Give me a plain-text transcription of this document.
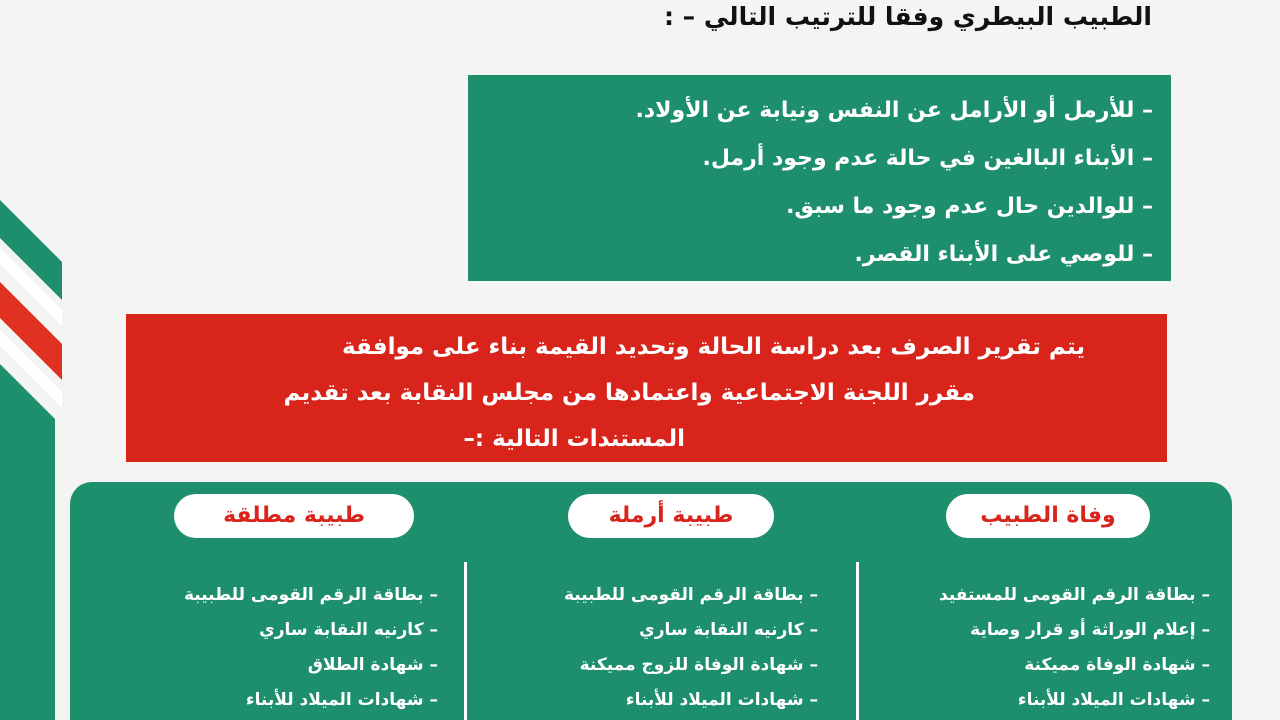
الطبيب البيطري وفقا للترتيب التالي – :
– للأرمل أو الأرامل عن النفس ونيابة عن الأولاد.
– الأبناء البالغين في حالة عدم وجود أرمل.
– للوالدين حال عدم وجود ما سبق.
– للوصي على الأبناء القصر.
يتم تقرير الصرف بعد دراسة الحالة وتحديد القيمة بناء على موافقة
مقرر اللجنة الاجتماعية واعتمادها من مجلس النقابة بعد تقديم
المستندات التالية :–
وفاة الطبيب
– بطاقة الرقم القومى للمستفيد
– إعلام الوراثة أو قرار وصاية
– شهادة الوفاة مميكنة
– شهادات الميلاد للأبناء
طبيبة أرملة
– بطاقة الرقم القومى للطبيبة
– كارنيه النقابة ساري
– شهادة الوفاة للزوج مميكنة
– شهادات الميلاد للأبناء
طبيبة مطلقة
– بطاقة الرقم القومى للطبيبة
– كارنيه النقابة ساري
– شهادة الطلاق
– شهادات الميلاد للأبناء
